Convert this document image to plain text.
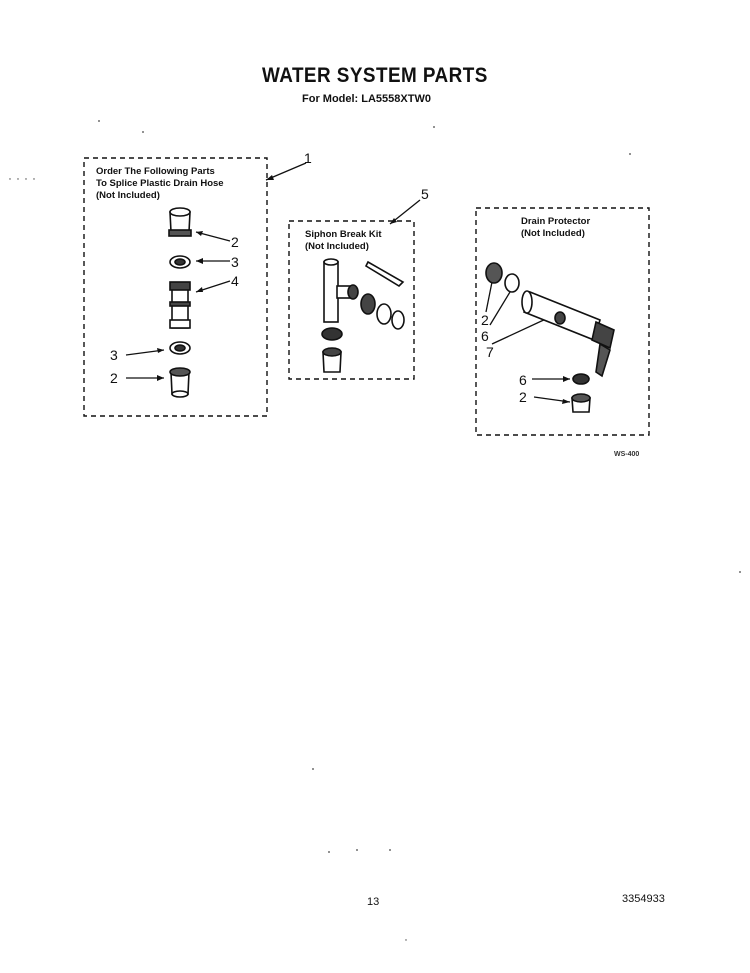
WATER SYSTEM PARTS
For Model: LA5558XTW0
Order The Following Parts
To Splice Plastic Drain Hose
(Not Included)
Siphon Break Kit
(Not Included)
Drain Protector
(Not Included)
1
2
3
4
3
2
5
2
6
7
6
2
WS-400
13	3354933
